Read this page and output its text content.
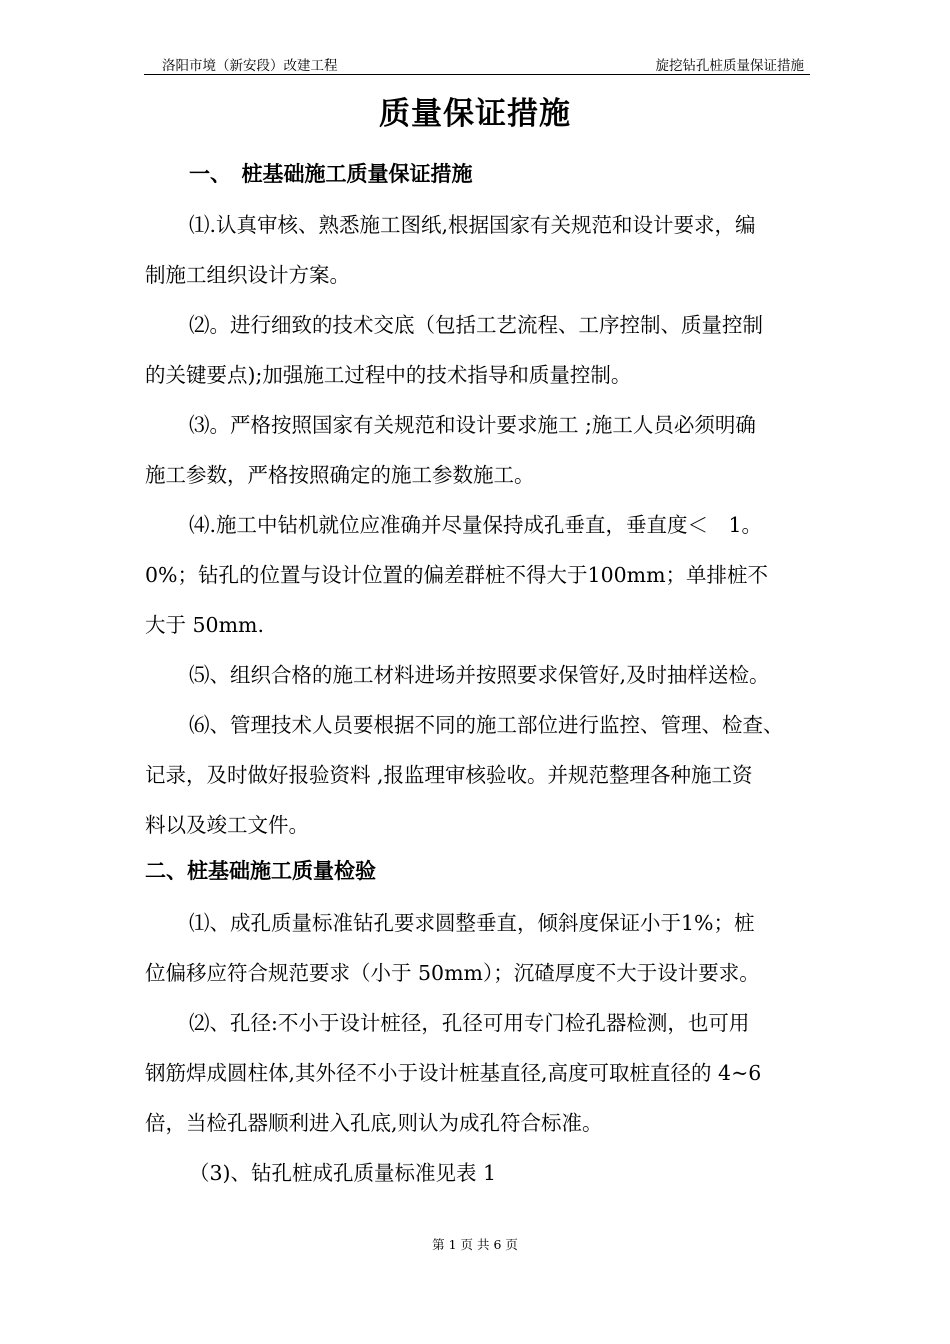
洛阳市境（新安段）改建工程	旋挖钻孔桩质量保证措施
质量保证措施
一、　桩基础施工质量保证措施
⑴.认真审核、熟悉施工图纸,根据国家有关规范和设计要求，编
制施工组织设计方案。
⑵。进行细致的技术交底（包括工艺流程、工序控制、质量控制
的关键要点);加强施工过程中的技术指导和质量控制。
⑶。严格按照国家有关规范和设计要求施工 ;施工人员必须明确
施工参数，严格按照确定的施工参数施工。
⑷.施工中钻机就位应准确并尽量保持成孔垂直，垂直度＜　1。
0%；钻孔的位置与设计位置的偏差群桩不得大于100mm；单排桩不
大于 50mm.
⑸、组织合格的施工材料进场并按照要求保管好,及时抽样送检。
⑹、管理技术人员要根据不同的施工部位进行监控、管理、检查、
记录，及时做好报验资料 ,报监理审核验收。并规范整理各种施工资
料以及竣工文件。
二、桩基础施工质量检验
⑴、成孔质量标准钻孔要求圆整垂直，倾斜度保证小于1%；桩
位偏移应符合规范要求（小于 50mm）；沉碴厚度不大于设计要求。
⑵、孔径:不小于设计桩径，孔径可用专门检孔器检测，也可用
钢筋焊成圆柱体,其外径不小于设计桩基直径,高度可取桩直径的 4~6
倍，当检孔器顺利进入孔底,则认为成孔符合标准。
（3)、钻孔桩成孔质量标准见表 1
第 1 页 共 6 页
